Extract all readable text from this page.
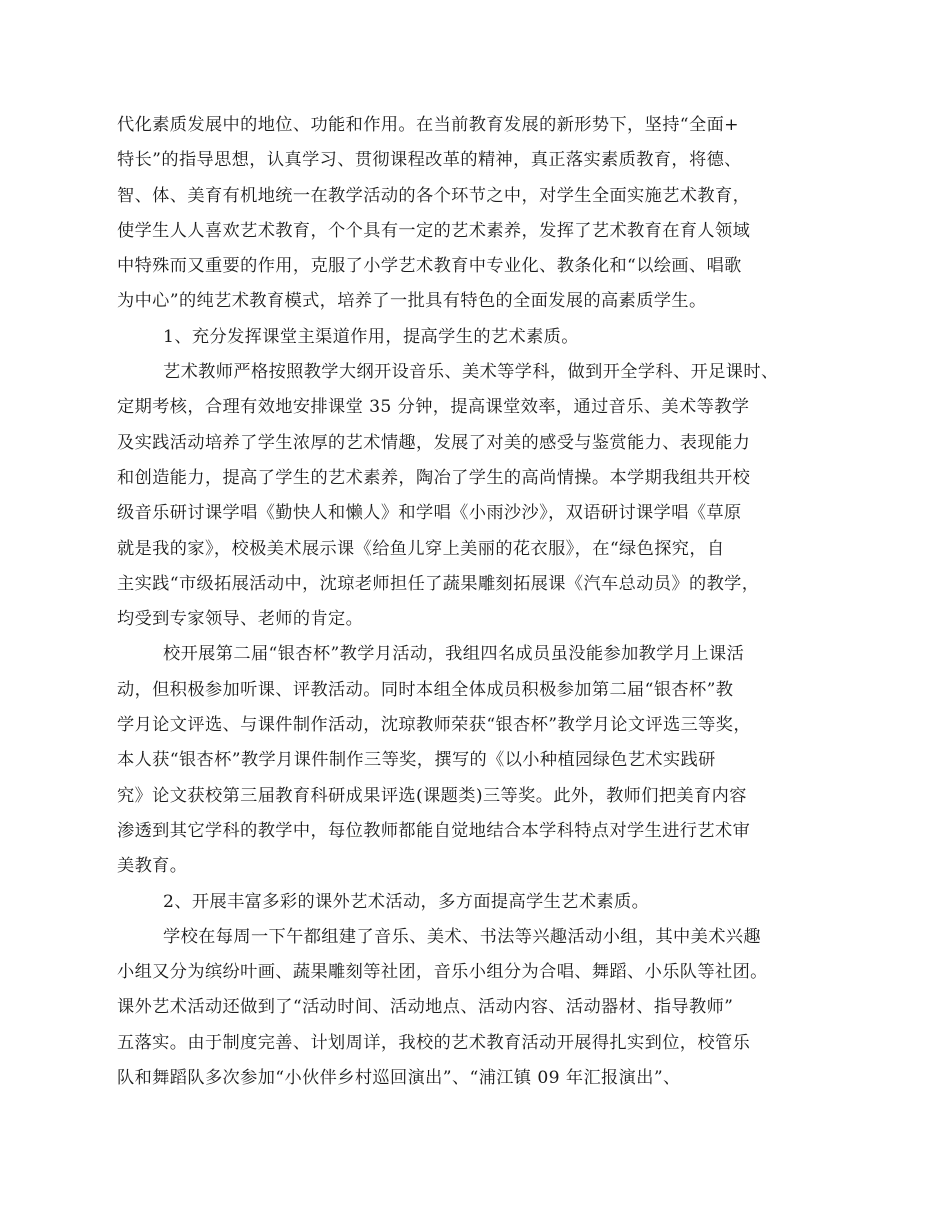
代化素质发展中的地位、功能和作用。在当前教育发展的新形势下，坚持“全面+
特长”的指导思想，认真学习、贯彻课程改革的精神，真正落实素质教育，将德、
智、体、美育有机地统一在教学活动的各个环节之中，对学生全面实施艺术教育，
使学生人人喜欢艺术教育，个个具有一定的艺术素养，发挥了艺术教育在育人领域
中特殊而又重要的作用，克服了小学艺术教育中专业化、教条化和“以绘画、唱歌
为中心”的纯艺术教育模式，培养了一批具有特色的全面发展的高素质学生。
1、充分发挥课堂主渠道作用，提高学生的艺术素质。
艺术教师严格按照教学大纲开设音乐、美术等学科，做到开全学科、开足课时、
定期考核，合理有效地安排课堂 35 分钟，提高课堂效率，通过音乐、美术等教学
及实践活动培养了学生浓厚的艺术情趣，发展了对美的感受与鉴赏能力、表现能力
和创造能力，提高了学生的艺术素养，陶冶了学生的高尚情操。本学期我组共开校
级音乐研讨课学唱《勤快人和懒人》和学唱《小雨沙沙》，双语研讨课学唱《草原
就是我的家》，校极美术展示课《给鱼儿穿上美丽的花衣服》，在“绿色探究，自
主实践“市级拓展活动中，沈琼老师担任了蔬果雕刻拓展课《汽车总动员》的教学，
均受到专家领导、老师的肯定。
校开展第二届“银杏杯”教学月活动，我组四名成员虽没能参加教学月上课活
动，但积极参加听课、评教活动。同时本组全体成员积极参加第二届“银杏杯”教
学月论文评选、与课件制作活动，沈琼教师荣获“银杏杯”教学月论文评选三等奖，
本人获“银杏杯”教学月课件制作三等奖，撰写的《以小种植园绿色艺术实践研
究》论文获校第三届教育科研成果评选(课题类)三等奖。此外，教师们把美育内容
渗透到其它学科的教学中，每位教师都能自觉地结合本学科特点对学生进行艺术审
美教育。
2、开展丰富多彩的课外艺术活动，多方面提高学生艺术素质。
学校在每周一下午都组建了音乐、美术、书法等兴趣活动小组，其中美术兴趣
小组又分为缤纷叶画、蔬果雕刻等社团，音乐小组分为合唱、舞蹈、小乐队等社团。
课外艺术活动还做到了“活动时间、活动地点、活动内容、活动器材、指导教师”
五落实。由于制度完善、计划周详，我校的艺术教育活动开展得扎实到位，校管乐
队和舞蹈队多次参加“小伙伴乡村巡回演出”、“浦江镇 09 年汇报演出”、
